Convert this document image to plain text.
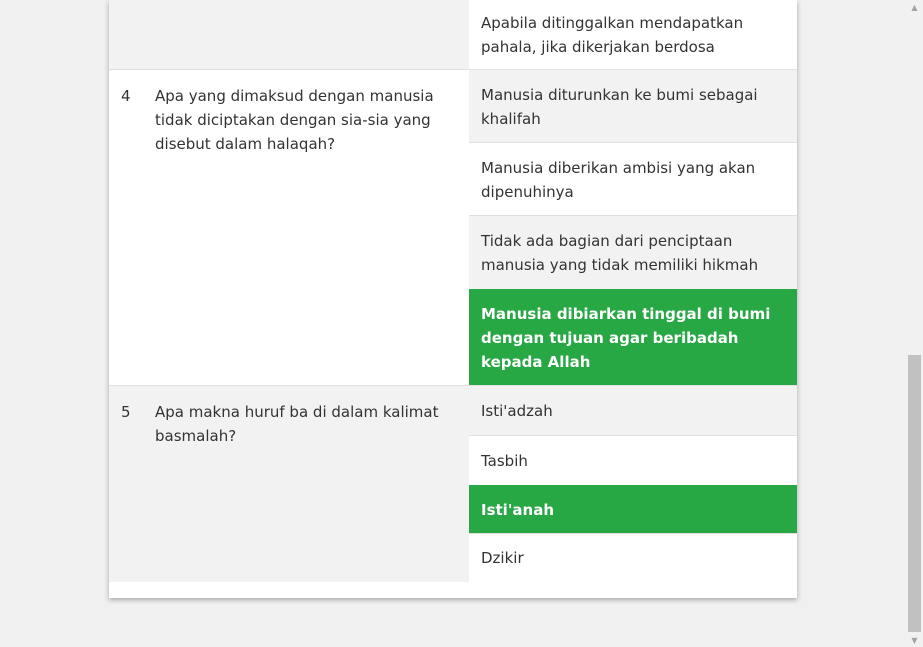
Apabila ditinggalkan mendapatkan pahala, jika dikerjakan berdosa
4 Apa yang dimaksud dengan manusia tidak diciptakan dengan sia-sia yang disebut dalam halaqah?
Manusia diturunkan ke bumi sebagai khalifah
Manusia diberikan ambisi yang akan dipenuhinya
Tidak ada bagian dari penciptaan manusia yang tidak memiliki hikmah
Manusia dibiarkan tinggal di bumi dengan tujuan agar beribadah kepada Allah
5 Apa makna huruf ba di dalam kalimat basmalah?
Isti'adzah
Tasbih
Isti'anah
Dzikir
▲
▼
